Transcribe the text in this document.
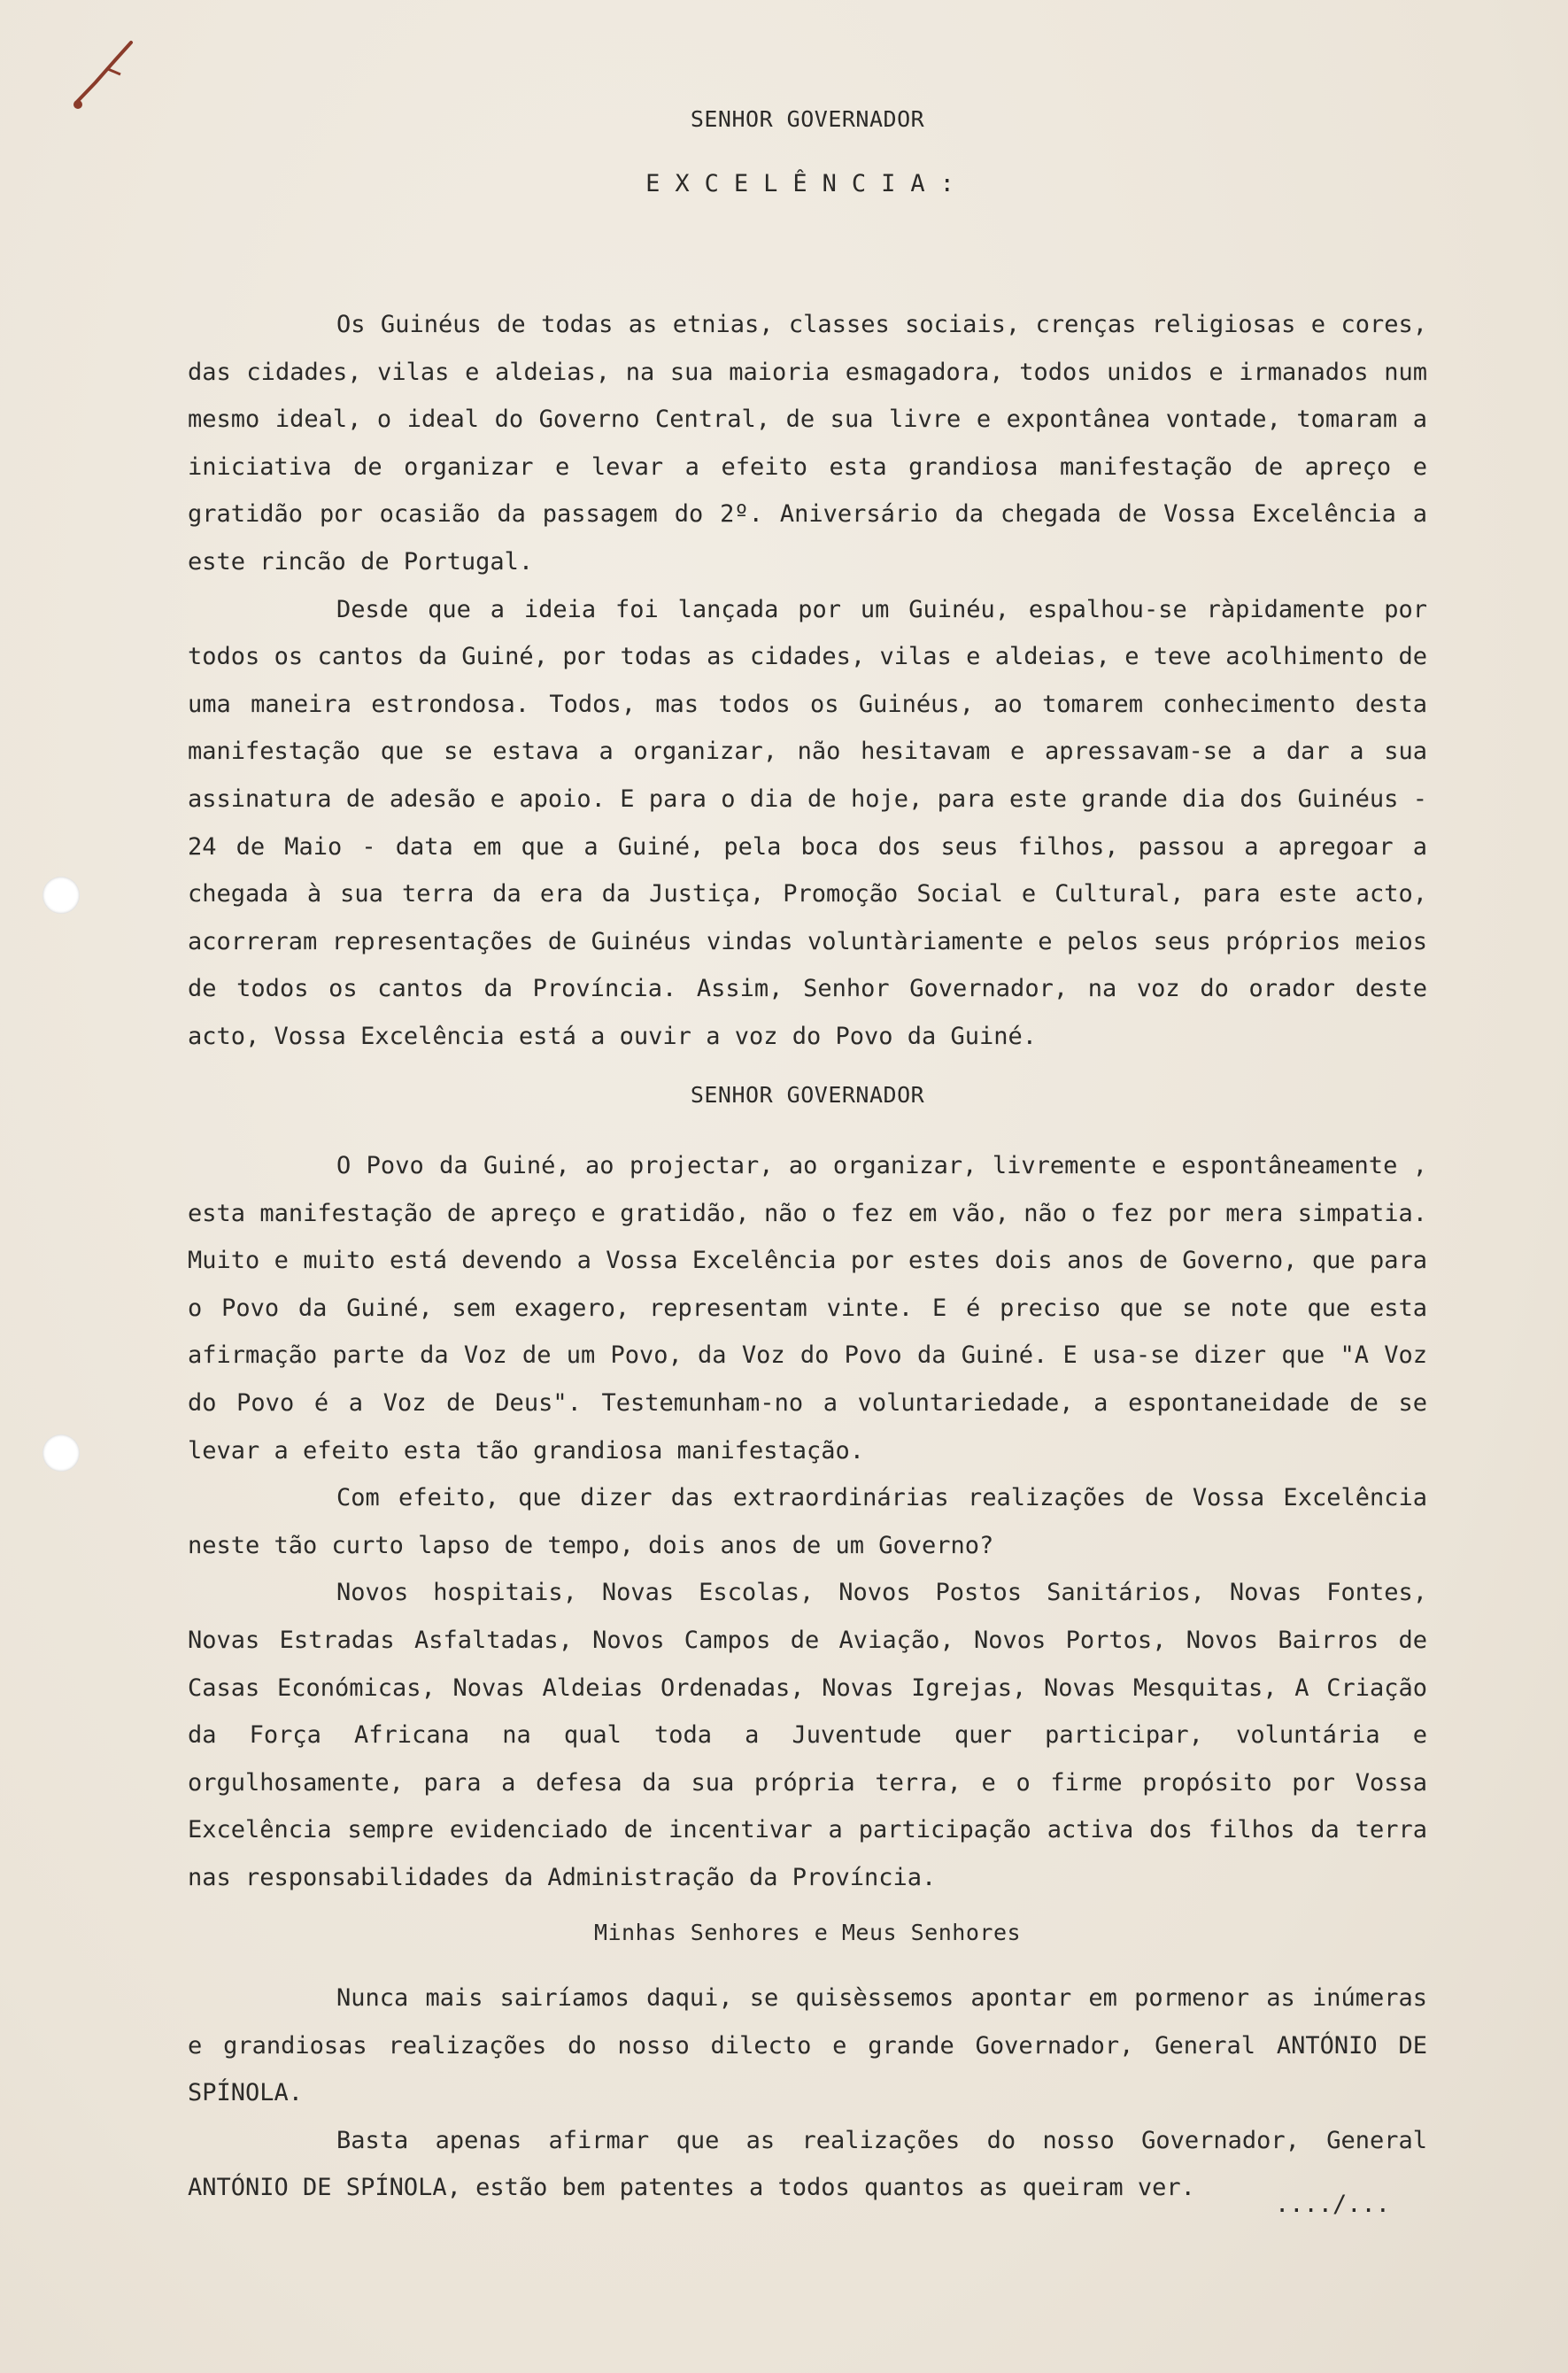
SENHOR GOVERNADOR
EXCELÊNCIA:

Os Guinéus de todas as etnias, classes sociais, crenças religiosas e cores, das cidades, vilas e aldeias, na sua maioria esmagadora, todos unidos e irmanados num mesmo ideal, o ideal do Governo Central, de sua livre e expontânea vontade, tomaram a iniciativa de organizar e levar a efeito esta grandiosa manifestação de apreço e gratidão por ocasião da passagem do 2º. Aniversário da chegada de Vossa Excelência a este rincão de Portugal.

Desde que a ideia foi lançada por um Guinéu, espalhou-se ràpidamente por todos os cantos da Guiné, por todas as cidades, vilas e aldeias, e teve acolhimento de uma maneira estrondosa. Todos, mas todos os Guinéus, ao tomarem conhecimento desta manifestação que se estava a organizar, não hesitavam e apressavam-se a dar a sua assinatura de adesão e apoio. E para o dia de hoje, para este grande dia dos Guinéus - 24 de Maio - data em que a Guiné, pela boca dos seus filhos, passou a apregoar a chegada à sua terra da era da Justiça, Promoção Social e Cultural, para este acto, acorreram representações de Guinéus vindas voluntàriamente e pelos seus próprios meios de todos os cantos da Província. Assim, Senhor Governador, na voz do orador deste acto, Vossa Excelência está a ouvir a voz do Povo da Guiné.

SENHOR GOVERNADOR

O Povo da Guiné, ao projectar, ao organizar, livremente e espontâneamente , esta manifestação de apreço e gratidão, não o fez em vão, não o fez por mera simpatia. Muito e muito está devendo a Vossa Excelência por estes dois anos de Governo, que para o Povo da Guiné, sem exagero, representam vinte. E é preciso que se note que esta afirmação parte da Voz de um Povo, da Voz do Povo da Guiné. E usa-se dizer que "A Voz do Povo é a Voz de Deus". Testemunham-no a voluntariedade, a espontaneidade de se levar a efeito esta tão grandiosa manifestação.

Com efeito, que dizer das extraordinárias realizações de Vossa Excelência neste tão curto lapso de tempo, dois anos de um Governo?

Novos hospitais, Novas Escolas, Novos Postos Sanitários, Novas Fontes, Novas Estradas Asfaltadas, Novos Campos de Aviação, Novos Portos, Novos Bairros de Casas Económicas, Novas Aldeias Ordenadas, Novas Igrejas, Novas Mesquitas, A Criação da Força Africana na qual toda a Juventude quer participar, voluntária e orgulhosamente, para a defesa da sua própria terra, e o firme propósito por Vossa Excelência sempre evidenciado de incentivar a participação activa dos filhos da terra nas responsabilidades da Administração da Província.

Minhas Senhores e Meus Senhores

Nunca mais sairíamos daqui, se quisèssemos apontar em pormenor as inúmeras e grandiosas realizações do nosso dilecto e grande Governador, General ANTÓNIO DE SPÍNOLA.

Basta apenas afirmar que as realizações do nosso Governador, General ANTÓNIO DE SPÍNOLA, estão bem patentes a todos quantos as queiram ver.

..../...
